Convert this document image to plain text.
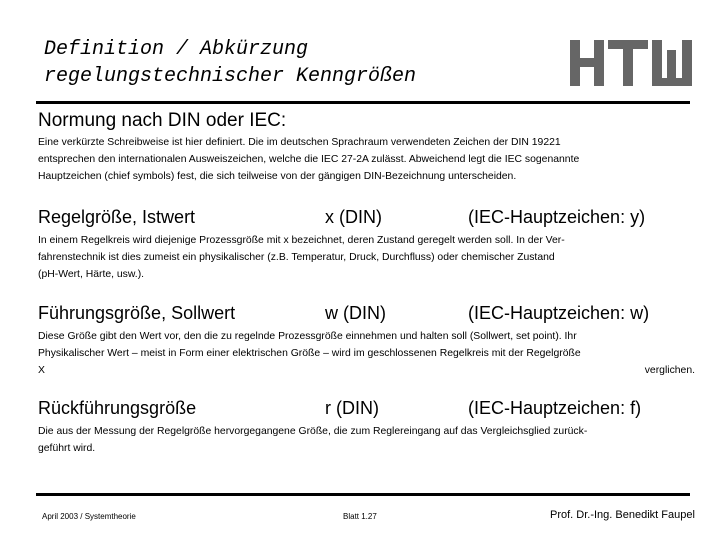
Definition / Abkürzung
regelungstechnischer Kenngrößen
Normung nach DIN oder IEC:
Eine verkürzte Schreibweise ist hier definiert. Die im deutschen Sprachraum verwendeten Zeichen der DIN 19221
entsprechen den internationalen Ausweiszeichen, welche die IEC 27-2A zulässt. Abweichend legt die IEC sogenannte
Hauptzeichen (chief symbols) fest, die sich teilweise von der gängigen DIN-Bezeichnung unterscheiden.
Regelgröße, Istwert	x (DIN)	(IEC-Hauptzeichen: y)
In einem Regelkreis wird diejenige Prozessgröße mit x bezeichnet, deren Zustand geregelt werden soll. In der Ver-
fahrenstechnik ist dies zumeist ein physikalischer (z.B. Temperatur, Druck, Durchfluss) oder chemischer Zustand
(pH-Wert, Härte, usw.).
Führungsgröße, Sollwert	w (DIN)	(IEC-Hauptzeichen: w)
Diese Größe gibt den Wert vor, den die zu regelnde Prozessgröße einnehmen und halten soll (Sollwert, set point). Ihr
Physikalischer Wert – meist in Form einer elektrischen Größe – wird im geschlossenen Regelkreis mit der Regelgröße
X verglichen.
Rückführungsgröße	r (DIN)	(IEC-Hauptzeichen: f)
Die aus der Messung der Regelgröße hervorgegangene Größe, die zum Reglereingang auf das Vergleichsglied zurück-
geführt wird.
April 2003 / Systemtheorie	Blatt 1.27	Prof. Dr.-Ing. Benedikt Faupel
